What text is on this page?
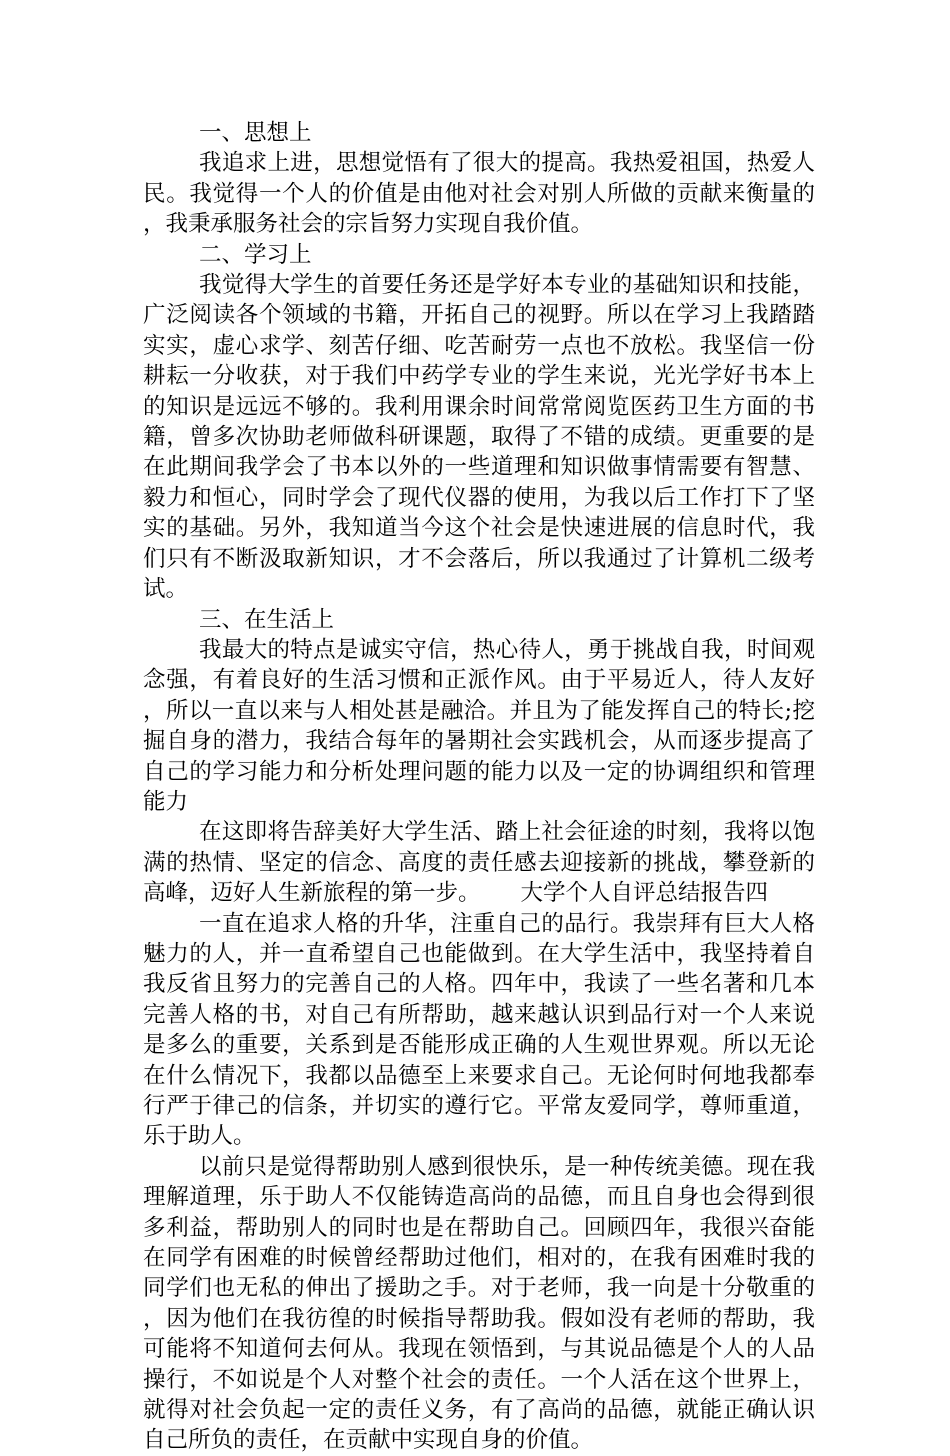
一、思想上

我追求上进，思想觉悟有了很大的提高。我热爱祖国，热爱人民。我觉得一个人的价值是由他对社会对别人所做的贡献来衡量的，我秉承服务社会的宗旨努力实现自我价值。

二、学习上

我觉得大学生的首要任务还是学好本专业的基础知识和技能，广泛阅读各个领域的书籍，开拓自己的视野。所以在学习上我踏踏实实，虚心求学、刻苦仔细、吃苦耐劳一点也不放松。我坚信一份耕耘一分收获，对于我们中药学专业的学生来说，光光学好书本上的知识是远远不够的。我利用课余时间常常阅览医药卫生方面的书籍，曾多次协助老师做科研课题，取得了不错的成绩。更重要的是在此期间我学会了书本以外的一些道理和知识做事情需要有智慧、毅力和恒心，同时学会了现代仪器的使用，为我以后工作打下了坚实的基础。另外，我知道当今这个社会是快速进展的信息时代，我们只有不断汲取新知识，才不会落后，所以我通过了计算机二级考试。

三、在生活上

我最大的特点是诚实守信，热心待人，勇于挑战自我，时间观念强，有着良好的生活习惯和正派作风。由于平易近人，待人友好，所以一直以来与人相处甚是融洽。并且为了能发挥自己的特长;挖掘自身的潜力，我结合每年的暑期社会实践机会，从而逐步提高了自己的学习能力和分析处理问题的能力以及一定的协调组织和管理能力

在这即将告辞美好大学生活、踏上社会征途的时刻，我将以饱满的热情、坚定的信念、高度的责任感去迎接新的挑战，攀登新的高峰，迈好人生新旅程的第一步。 大学个人自评总结报告四

一直在追求人格的升华，注重自己的品行。我崇拜有巨大人格魅力的人，并一直希望自己也能做到。在大学生活中，我坚持着自我反省且努力的完善自己的人格。四年中，我读了一些名著和几本完善人格的书，对自己有所帮助，越来越认识到品行对一个人来说是多么的重要，关系到是否能形成正确的人生观世界观。所以无论在什么情况下，我都以品德至上来要求自己。无论何时何地我都奉行严于律己的信条，并切实的遵行它。平常友爱同学，尊师重道，乐于助人。

以前只是觉得帮助别人感到很快乐，是一种传统美德。现在我理解道理，乐于助人不仅能铸造高尚的品德，而且自身也会得到很多利益，帮助别人的同时也是在帮助自己。回顾四年，我很兴奋能在同学有困难的时候曾经帮助过他们，相对的，在我有困难时我的同学们也无私的伸出了援助之手。对于老师，我一向是十分敬重的，因为他们在我彷徨的时候指导帮助我。假如没有老师的帮助，我可能将不知道何去何从。我现在领悟到，与其说品德是个人的人品操行，不如说是个人对整个社会的责任。一个人活在这个世界上，就得对社会负起一定的责任义务，有了高尚的品德，就能正确认识自己所负的责任，在贡献中实现自身的价值。
